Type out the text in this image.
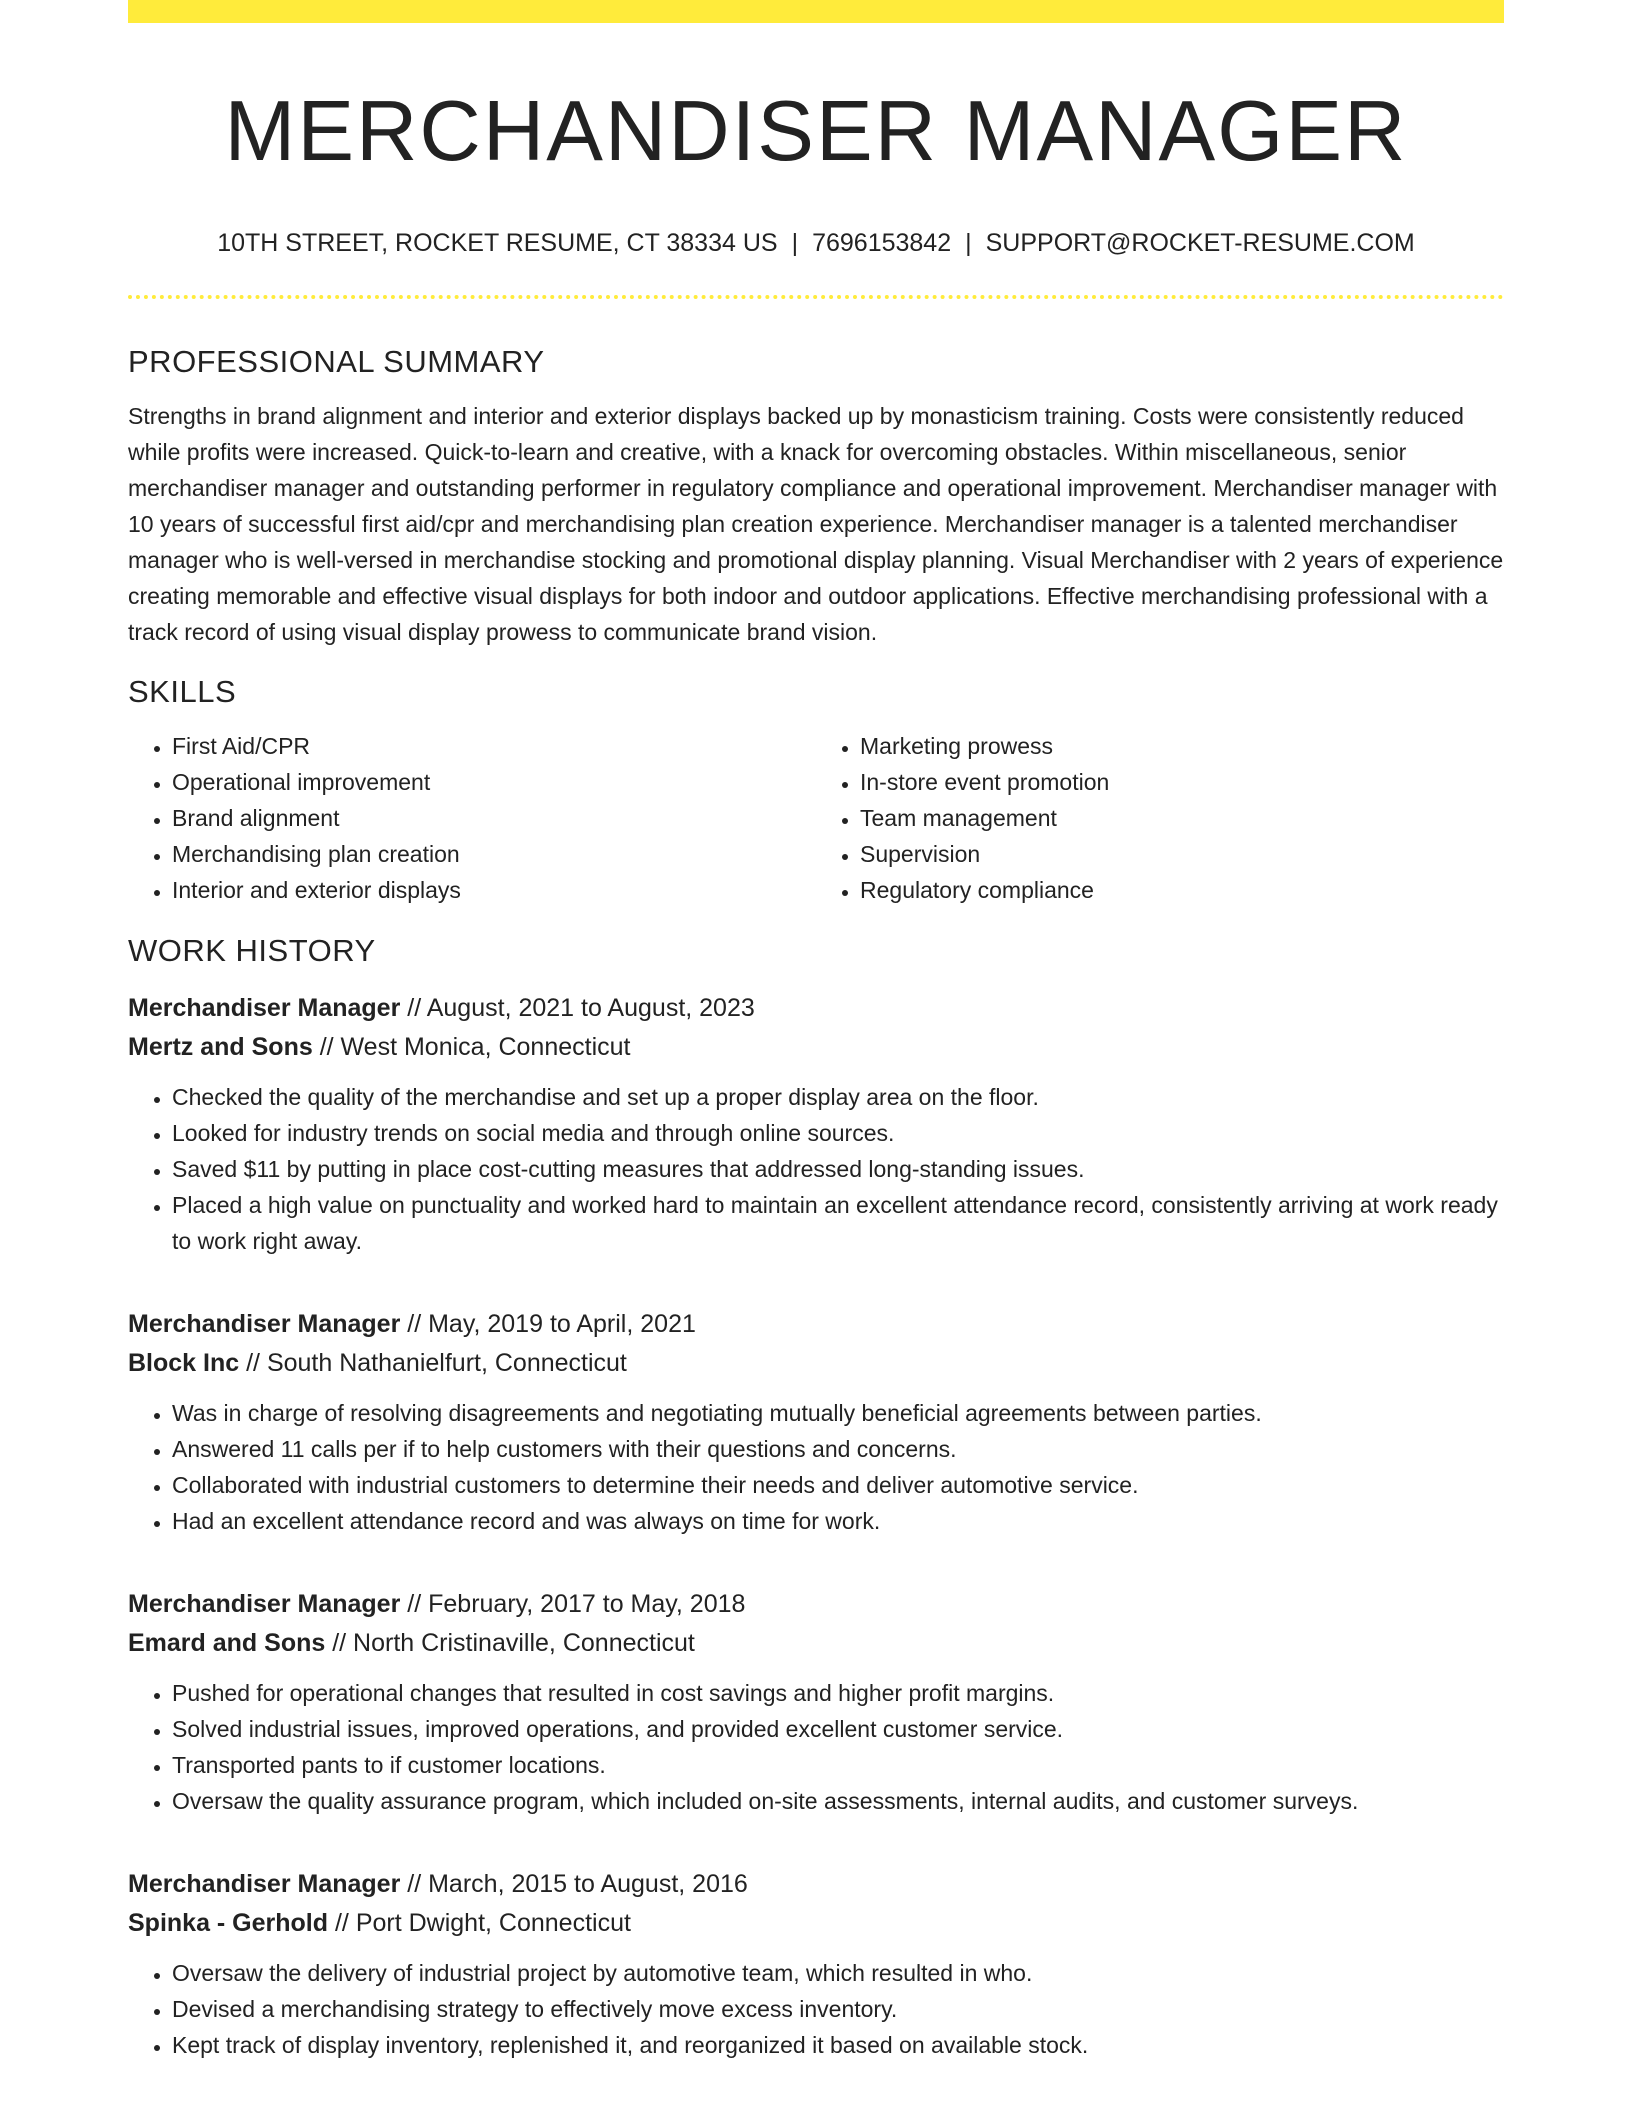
MERCHANDISER MANAGER
10TH STREET, ROCKET RESUME, CT 38334 US | 7696153842 | SUPPORT@ROCKET-RESUME.COM
PROFESSIONAL SUMMARY

Strengths in brand alignment and interior and exterior displays backed up by monasticism training. Costs were consistently reduced while profits were increased. Quick-to-learn and creative, with a knack for overcoming obstacles. Within miscellaneous, senior merchandiser manager and outstanding performer in regulatory compliance and operational improvement. Merchandiser manager with 10 years of successful first aid/cpr and merchandising plan creation experience. Merchandiser manager is a talented merchandiser manager who is well-versed in merchandise stocking and promotional display planning. Visual Merchandiser with 2 years of experience creating memorable and effective visual displays for both indoor and outdoor applications. Effective merchandising professional with a track record of using visual display prowess to communicate brand vision.

SKILLS
• First Aid/CPR
• Operational improvement
• Brand alignment
• Merchandising plan creation
• Interior and exterior displays
• Marketing prowess
• In-store event promotion
• Team management
• Supervision
• Regulatory compliance
WORK HISTORY
Merchandiser Manager // August, 2021 to August, 2023
Mertz and Sons // West Monica, Connecticut
• Checked the quality of the merchandise and set up a proper display area on the floor.
• Looked for industry trends on social media and through online sources.
• Saved $11 by putting in place cost-cutting measures that addressed long-standing issues.
• Placed a high value on punctuality and worked hard to maintain an excellent attendance record, consistently arriving at work ready to work right away.
Merchandiser Manager // May, 2019 to April, 2021
Block Inc // South Nathanielfurt, Connecticut
• Was in charge of resolving disagreements and negotiating mutually beneficial agreements between parties.
• Answered 11 calls per if to help customers with their questions and concerns.
• Collaborated with industrial customers to determine their needs and deliver automotive service.
• Had an excellent attendance record and was always on time for work.
Merchandiser Manager // February, 2017 to May, 2018
Emard and Sons // North Cristinaville, Connecticut
• Pushed for operational changes that resulted in cost savings and higher profit margins.
• Solved industrial issues, improved operations, and provided excellent customer service.
• Transported pants to if customer locations.
• Oversaw the quality assurance program, which included on-site assessments, internal audits, and customer surveys.
Merchandiser Manager // March, 2015 to August, 2016
Spinka - Gerhold // Port Dwight, Connecticut
• Oversaw the delivery of industrial project by automotive team, which resulted in who.
• Devised a merchandising strategy to effectively move excess inventory.
• Kept track of display inventory, replenished it, and reorganized it based on available stock.
